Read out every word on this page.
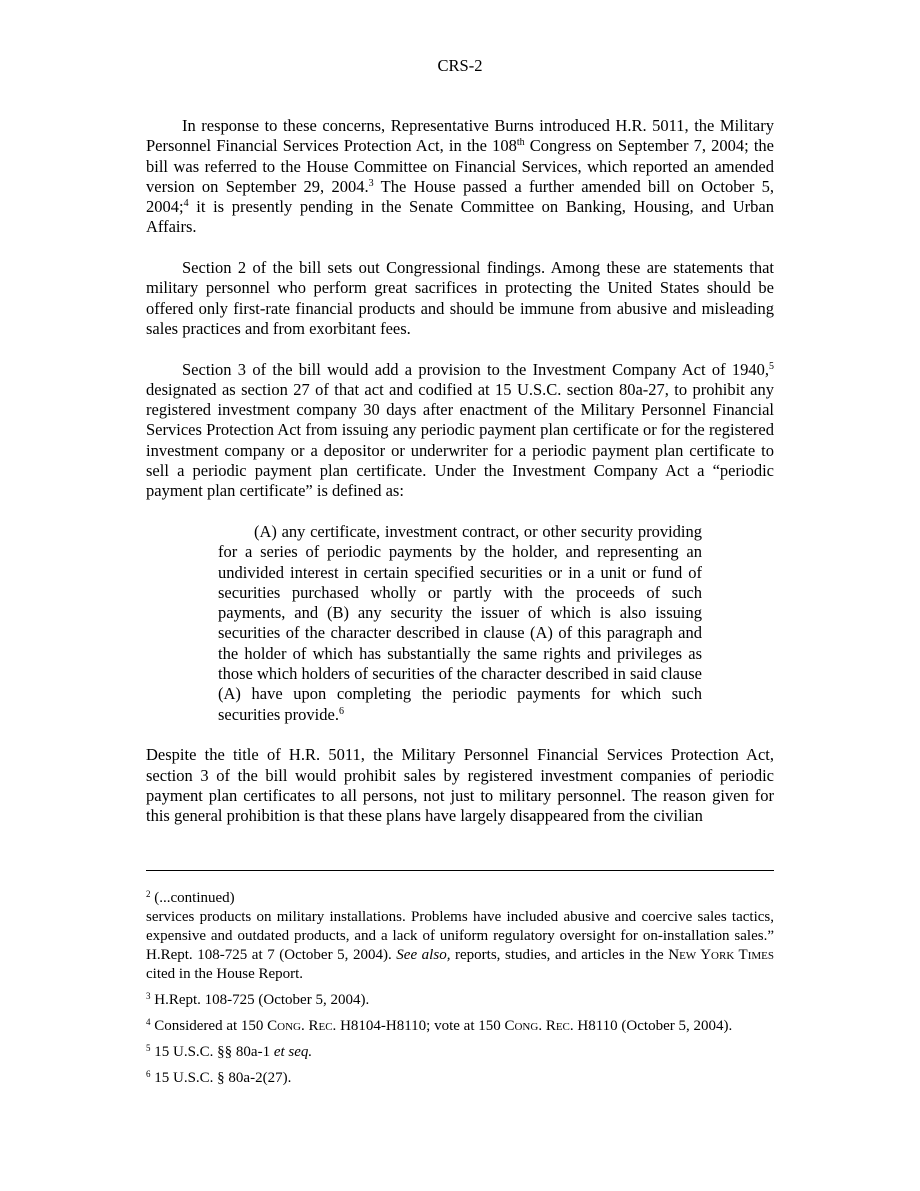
CRS-2

In response to these concerns, Representative Burns introduced H.R. 5011, the Military Personnel Financial Services Protection Act, in the 108th Congress on September 7, 2004; the bill was referred to the House Committee on Financial Services, which reported an amended version on September 29, 2004.$^3$ The House passed a further amended bill on October 5, 2004;$^4$ it is presently pending in the Senate Committee on Banking, Housing, and Urban Affairs.

Section 2 of the bill sets out Congressional findings. Among these are statements that military personnel who perform great sacrifices in protecting the United States should be offered only first-rate financial products and should be immune from abusive and misleading sales practices and from exorbitant fees.

Section 3 of the bill would add a provision to the Investment Company Act of 1940,$^5$ designated as section 27 of that act and codified at 15 U.S.C. section 80a-27, to prohibit any registered investment company 30 days after enactment of the Military Personnel Financial Services Protection Act from issuing any periodic payment plan certificate or for the registered investment company or a depositor or underwriter for a periodic payment plan certificate to sell a periodic payment plan certificate. Under the Investment Company Act a “periodic payment plan certificate” is defined as:

(A) any certificate, investment contract, or other security providing for a series of periodic payments by the holder, and representing an undivided interest in certain specified securities or in a unit or fund of securities purchased wholly or partly with the proceeds of such payments, and (B) any security the issuer of which is also issuing securities of the character described in clause (A) of this paragraph and the holder of which has substantially the same rights and privileges as those which holders of securities of the character described in said clause (A) have upon completing the periodic payments for which such securities provide.$^6$

Despite the title of H.R. 5011, the Military Personnel Financial Services Protection Act, section 3 of the bill would prohibit sales by registered investment companies of periodic payment plan certificates to all persons, not just to military personnel. The reason given for this general prohibition is that these plans have largely disappeared from the civilian

$^2$ (...continued)
services products on military installations. Problems have included abusive and coercive sales tactics, expensive and outdated products, and a lack of uniform regulatory oversight for on-installation sales.” H.Rept. 108-725 at 7 (October 5, 2004). See also, reports, studies, and articles in the New York Times cited in the House Report.
$^3$ H.Rept. 108-725 (October 5, 2004).
$^4$ Considered at 150 Cong. Rec. H8104-H8110; vote at 150 Cong. Rec. H8110 (October 5, 2004).
$^5$ 15 U.S.C. §§ 80a-1 et seq.
$^6$ 15 U.S.C. § 80a-2(27).
